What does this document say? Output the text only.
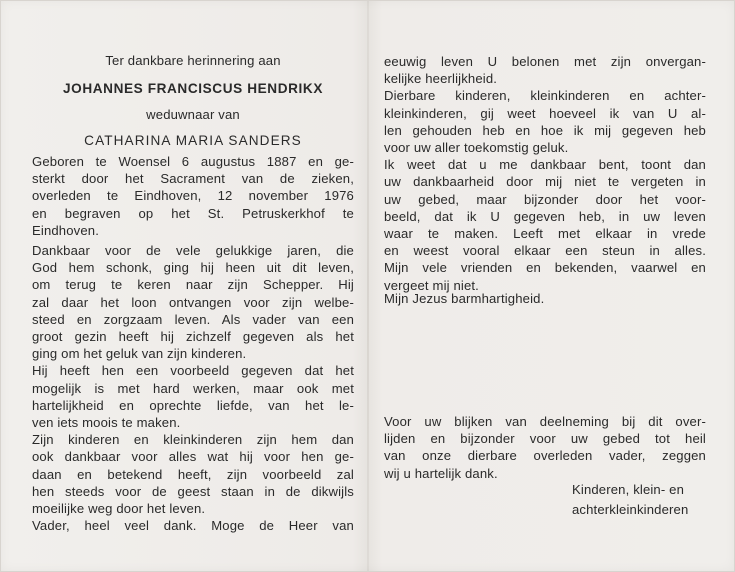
Ter dankbare herinnering aan
JOHANNES FRANCISCUS HENDRIKX
weduwnaar van
CATHARINA MARIA SANDERS
Geboren te Woensel 6 augustus 1887 en ge-
sterkt door het Sacrament van de zieken,
overleden te Eindhoven, 12 november 1976
en begraven op het St. Petruskerkhof te
Eindhoven.
Dankbaar voor de vele gelukkige jaren, die
God hem schonk, ging hij heen uit dit leven,
om terug te keren naar zijn Schepper. Hij
zal daar het loon ontvangen voor zijn welbe-
steed en zorgzaam leven. Als vader van een
groot gezin heeft hij zichzelf gegeven als het
ging om het geluk van zijn kinderen.
Hij heeft hen een voorbeeld gegeven dat het
mogelijk is met hard werken, maar ook met
hartelijkheid en oprechte liefde, van het le-
ven iets moois te maken.
Zijn kinderen en kleinkinderen zijn hem dan
ook dankbaar voor alles wat hij voor hen ge-
daan en betekend heeft, zijn voorbeeld zal
hen steeds voor de geest staan in de dikwijls
moeilijke weg door het leven.
Vader, heel veel dank. Moge de Heer van
eeuwig leven U belonen met zijn onvergan-
kelijke heerlijkheid.
Dierbare kinderen, kleinkinderen en achter-
kleinkinderen, gij weet hoeveel ik van U al-
len gehouden heb en hoe ik mij gegeven heb
voor uw aller toekomstig geluk.
Ik weet dat u me dankbaar bent, toont dan
uw dankbaarheid door mij niet te vergeten in
uw gebed, maar bijzonder door het voor-
beeld, dat ik U gegeven heb, in uw leven
waar te maken. Leeft met elkaar in vrede
en weest vooral elkaar een steun in alles.
Mijn vele vrienden en bekenden, vaarwel en
vergeet mij niet.
Mijn Jezus barmhartigheid.
Voor uw blijken van deelneming bij dit over-
lijden en bijzonder voor uw gebed tot heil
van onze dierbare overleden vader, zeggen
wij u hartelijk dank.
Kinderen, klein- en
achterkleinkinderen
